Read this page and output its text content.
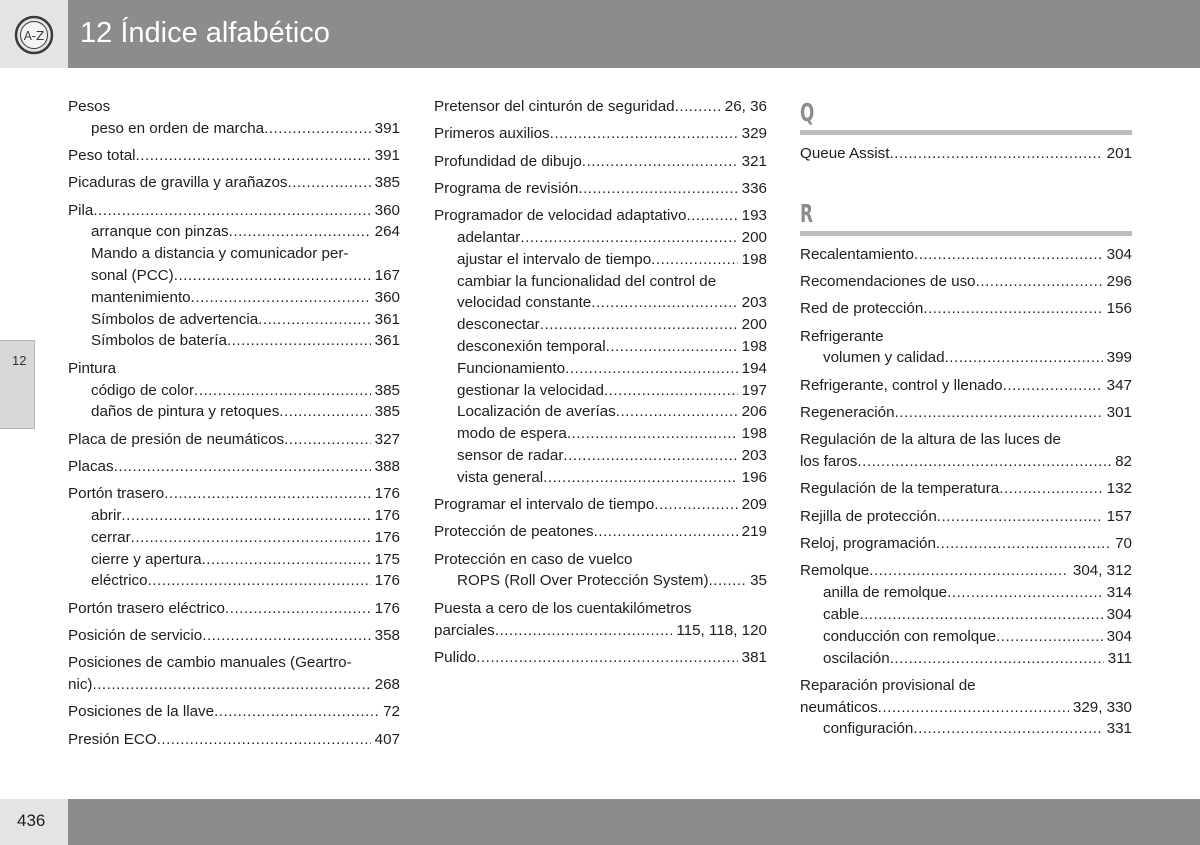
A-Z 12 Índice alfabético
12
Pesos
peso en orden de marcha .....	391
Peso total .....	391
Picaduras de gravilla y arañazos .....	385
Pila .....	360
arranque con pinzas .....	264
Mando a distancia y comunicador per-
sonal (PCC) .....	167
mantenimiento .....	360
Símbolos de advertencia .....	361
Símbolos de batería .....	361
Pintura
código de color .....	385
daños de pintura y retoques .....	385
Placa de presión de neumáticos .....	327
Placas .....	388
Portón trasero .....	176
abrir .....	176
cerrar .....	176
cierre y apertura .....	175
eléctrico .....	176
Portón trasero eléctrico .....	176
Posición de servicio .....	358
Posiciones de cambio manuales (Geartro-
nic) .....	268
Posiciones de la llave .....	72
Presión ECO .....	407
Pretensor del cinturón de seguridad .....	26, 36
Primeros auxilios .....	329
Profundidad de dibujo .....	321
Programa de revisión .....	336
Programador de velocidad adaptativo .....	193
adelantar .....	200
ajustar el intervalo de tiempo .....	198
cambiar la funcionalidad del control de
velocidad constante .....	203
desconectar .....	200
desconexión temporal .....	198
Funcionamiento .....	194
gestionar la velocidad .....	197
Localización de averías .....	206
modo de espera .....	198
sensor de radar .....	203
vista general .....	196
Programar el intervalo de tiempo .....	209
Protección de peatones .....	219
Protección en caso de vuelco
ROPS (Roll Over Protección System) .....	35
Puesta a cero de los cuentakilómetros
parciales .....	115, 118, 120
Pulido .....	381
Q
Queue Assist .....	201
R
Recalentamiento .....	304
Recomendaciones de uso .....	296
Red de protección .....	156
Refrigerante
volumen y calidad .....	399
Refrigerante, control y llenado .....	347
Regeneración .....	301
Regulación de la altura de las luces de
los faros .....	82
Regulación de la temperatura .....	132
Rejilla de protección .....	157
Reloj, programación .....	70
Remolque .....	304, 312
anilla de remolque .....	314
cable .....	304
conducción con remolque .....	304
oscilación .....	311
Reparación provisional de
neumáticos .....	329, 330
configuración .....	331
436
